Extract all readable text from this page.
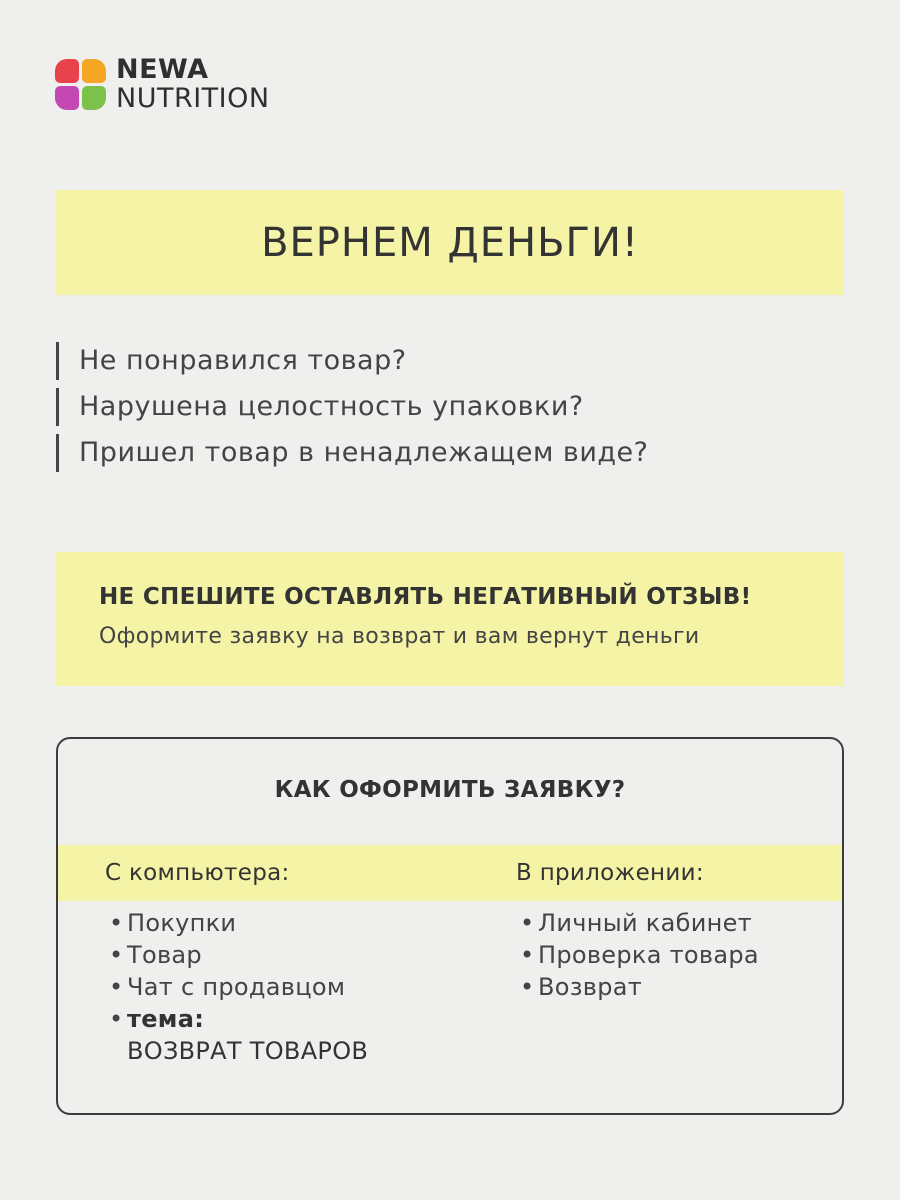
NEWA
NUTRITION
ВЕРНЕМ ДЕНЬГИ!
Не понравился товар?
Нарушена целостность упаковки?
Пришел товар в ненадлежащем виде?
НЕ СПЕШИТЕ ОСТАВЛЯТЬ НЕГАТИВНЫЙ ОТЗЫВ!
Оформите заявку на возврат и вам вернут деньги
КАК ОФОРМИТЬ ЗАЯВКУ?
С компьютера:
• Покупки
• Товар
• Чат с продавцом
• тема:
ВОЗВРАТ ТОВАРОВ
В приложении:
• Личный кабинет
• Проверка товара
• Возврат
